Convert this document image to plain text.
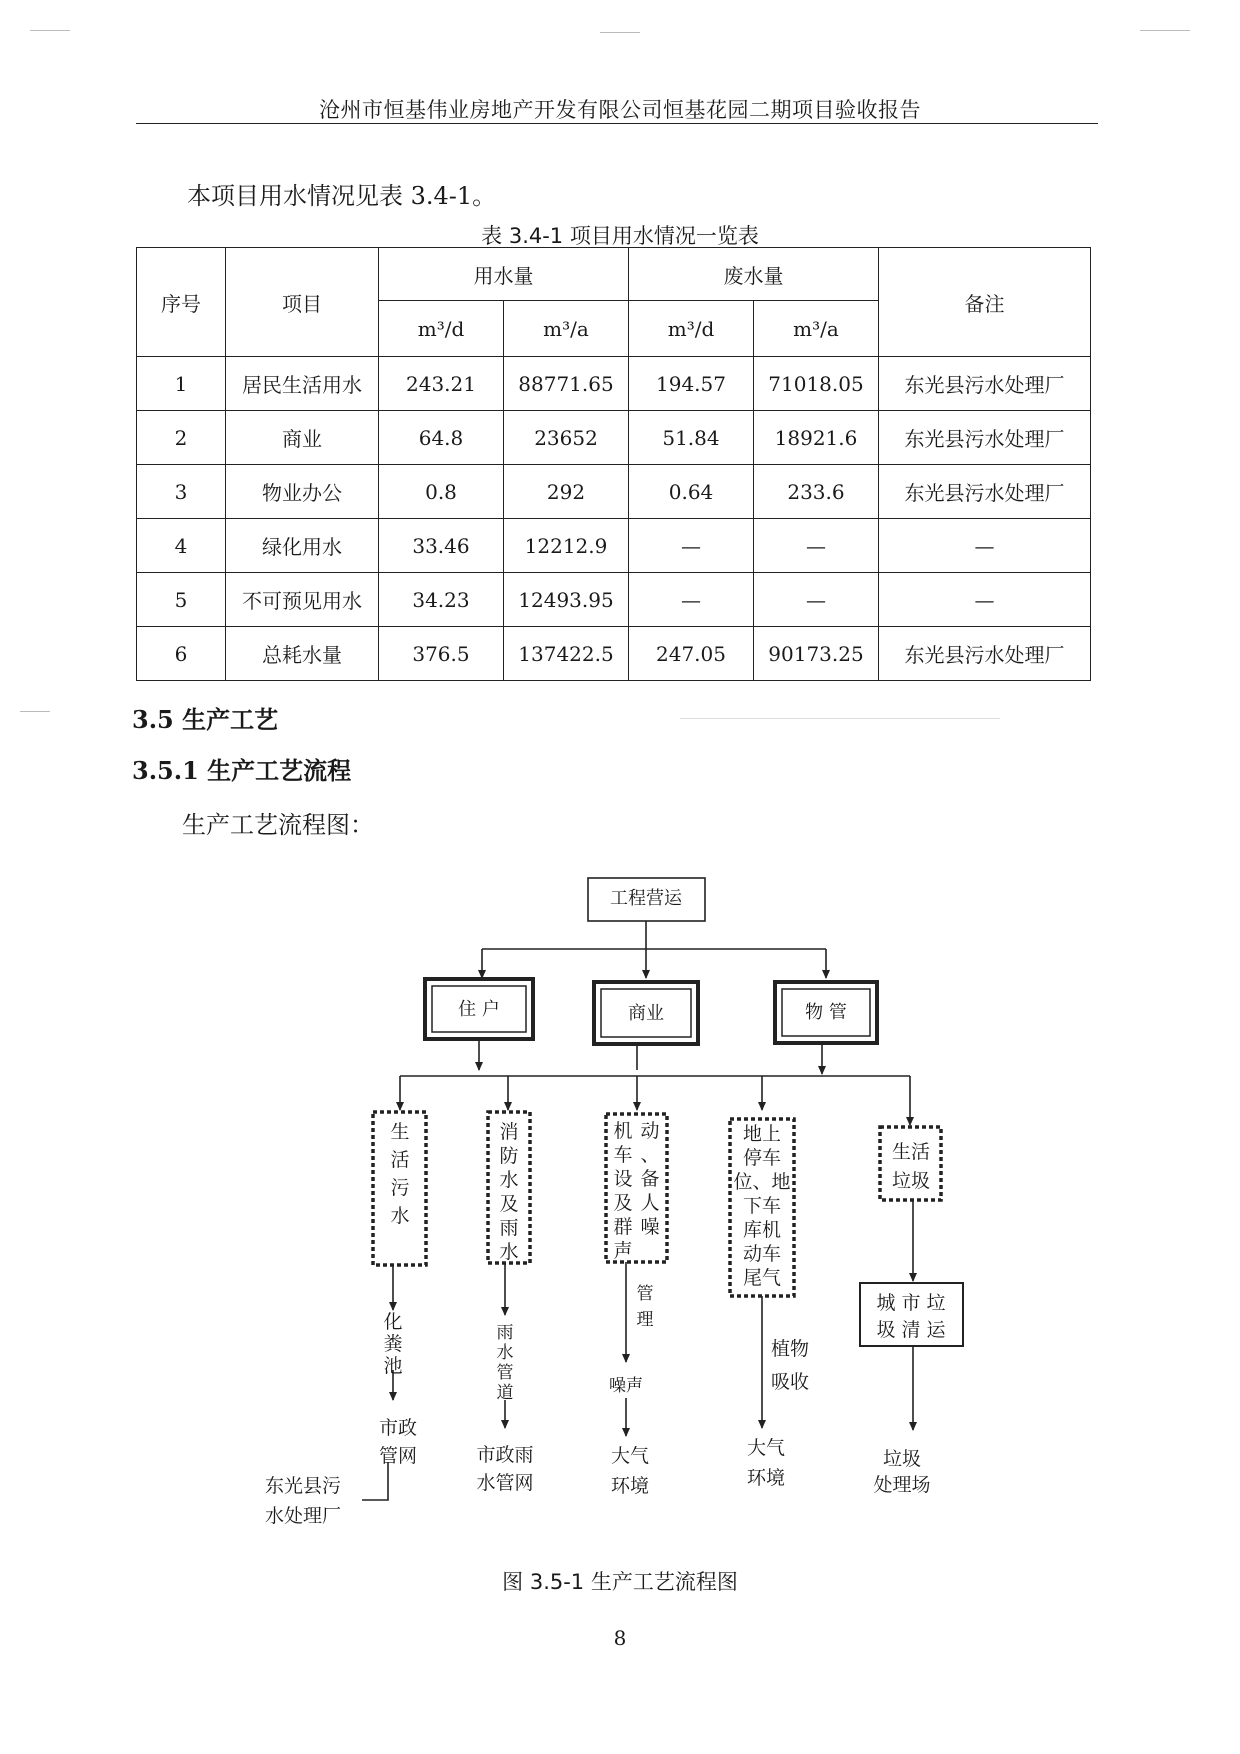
沧州市恒基伟业房地产开发有限公司恒基花园二期项目验收报告
本项目用水情况见表 3.4-1。
表 3.4-1 项目用水情况一览表
序号	项目	用水量		废水量		备注
		m³/d	m³/a	m³/d	m³/a	
1	居民生活用水	243.21	88771.65	194.57	71018.05	东光县污水处理厂
2	商业	64.8	23652	51.84	18921.6	东光县污水处理厂
3	物业办公	0.8	292	0.64	233.6	东光县污水处理厂
4	绿化用水	33.46	12212.9	—	—	—
5	不可预见用水	34.23	12493.95	—	—	—
6	总耗水量	376.5	137422.5	247.05	90173.25	东光县污水处理厂
3.5 生产工艺
3.5.1 生产工艺流程
生产工艺流程图：
工程营运
住 户	商业	物 管
生
活
污
水
化
粪
池
市政
管网
东光县污
水处理厂
消
防
水
及
雨
水
雨
水
管
道
市政雨
水管网
机
车
设
及
群
声
动
、
备
人
噪
管
理
噪声
大气
环境
地上
停车
位、地
下车
库机
动车
尾气
植物
吸收
大气
环境
生活
垃圾
城 市 垃
圾 清 运
垃圾
处理场
图 3.5-1 生产工艺流程图
8
